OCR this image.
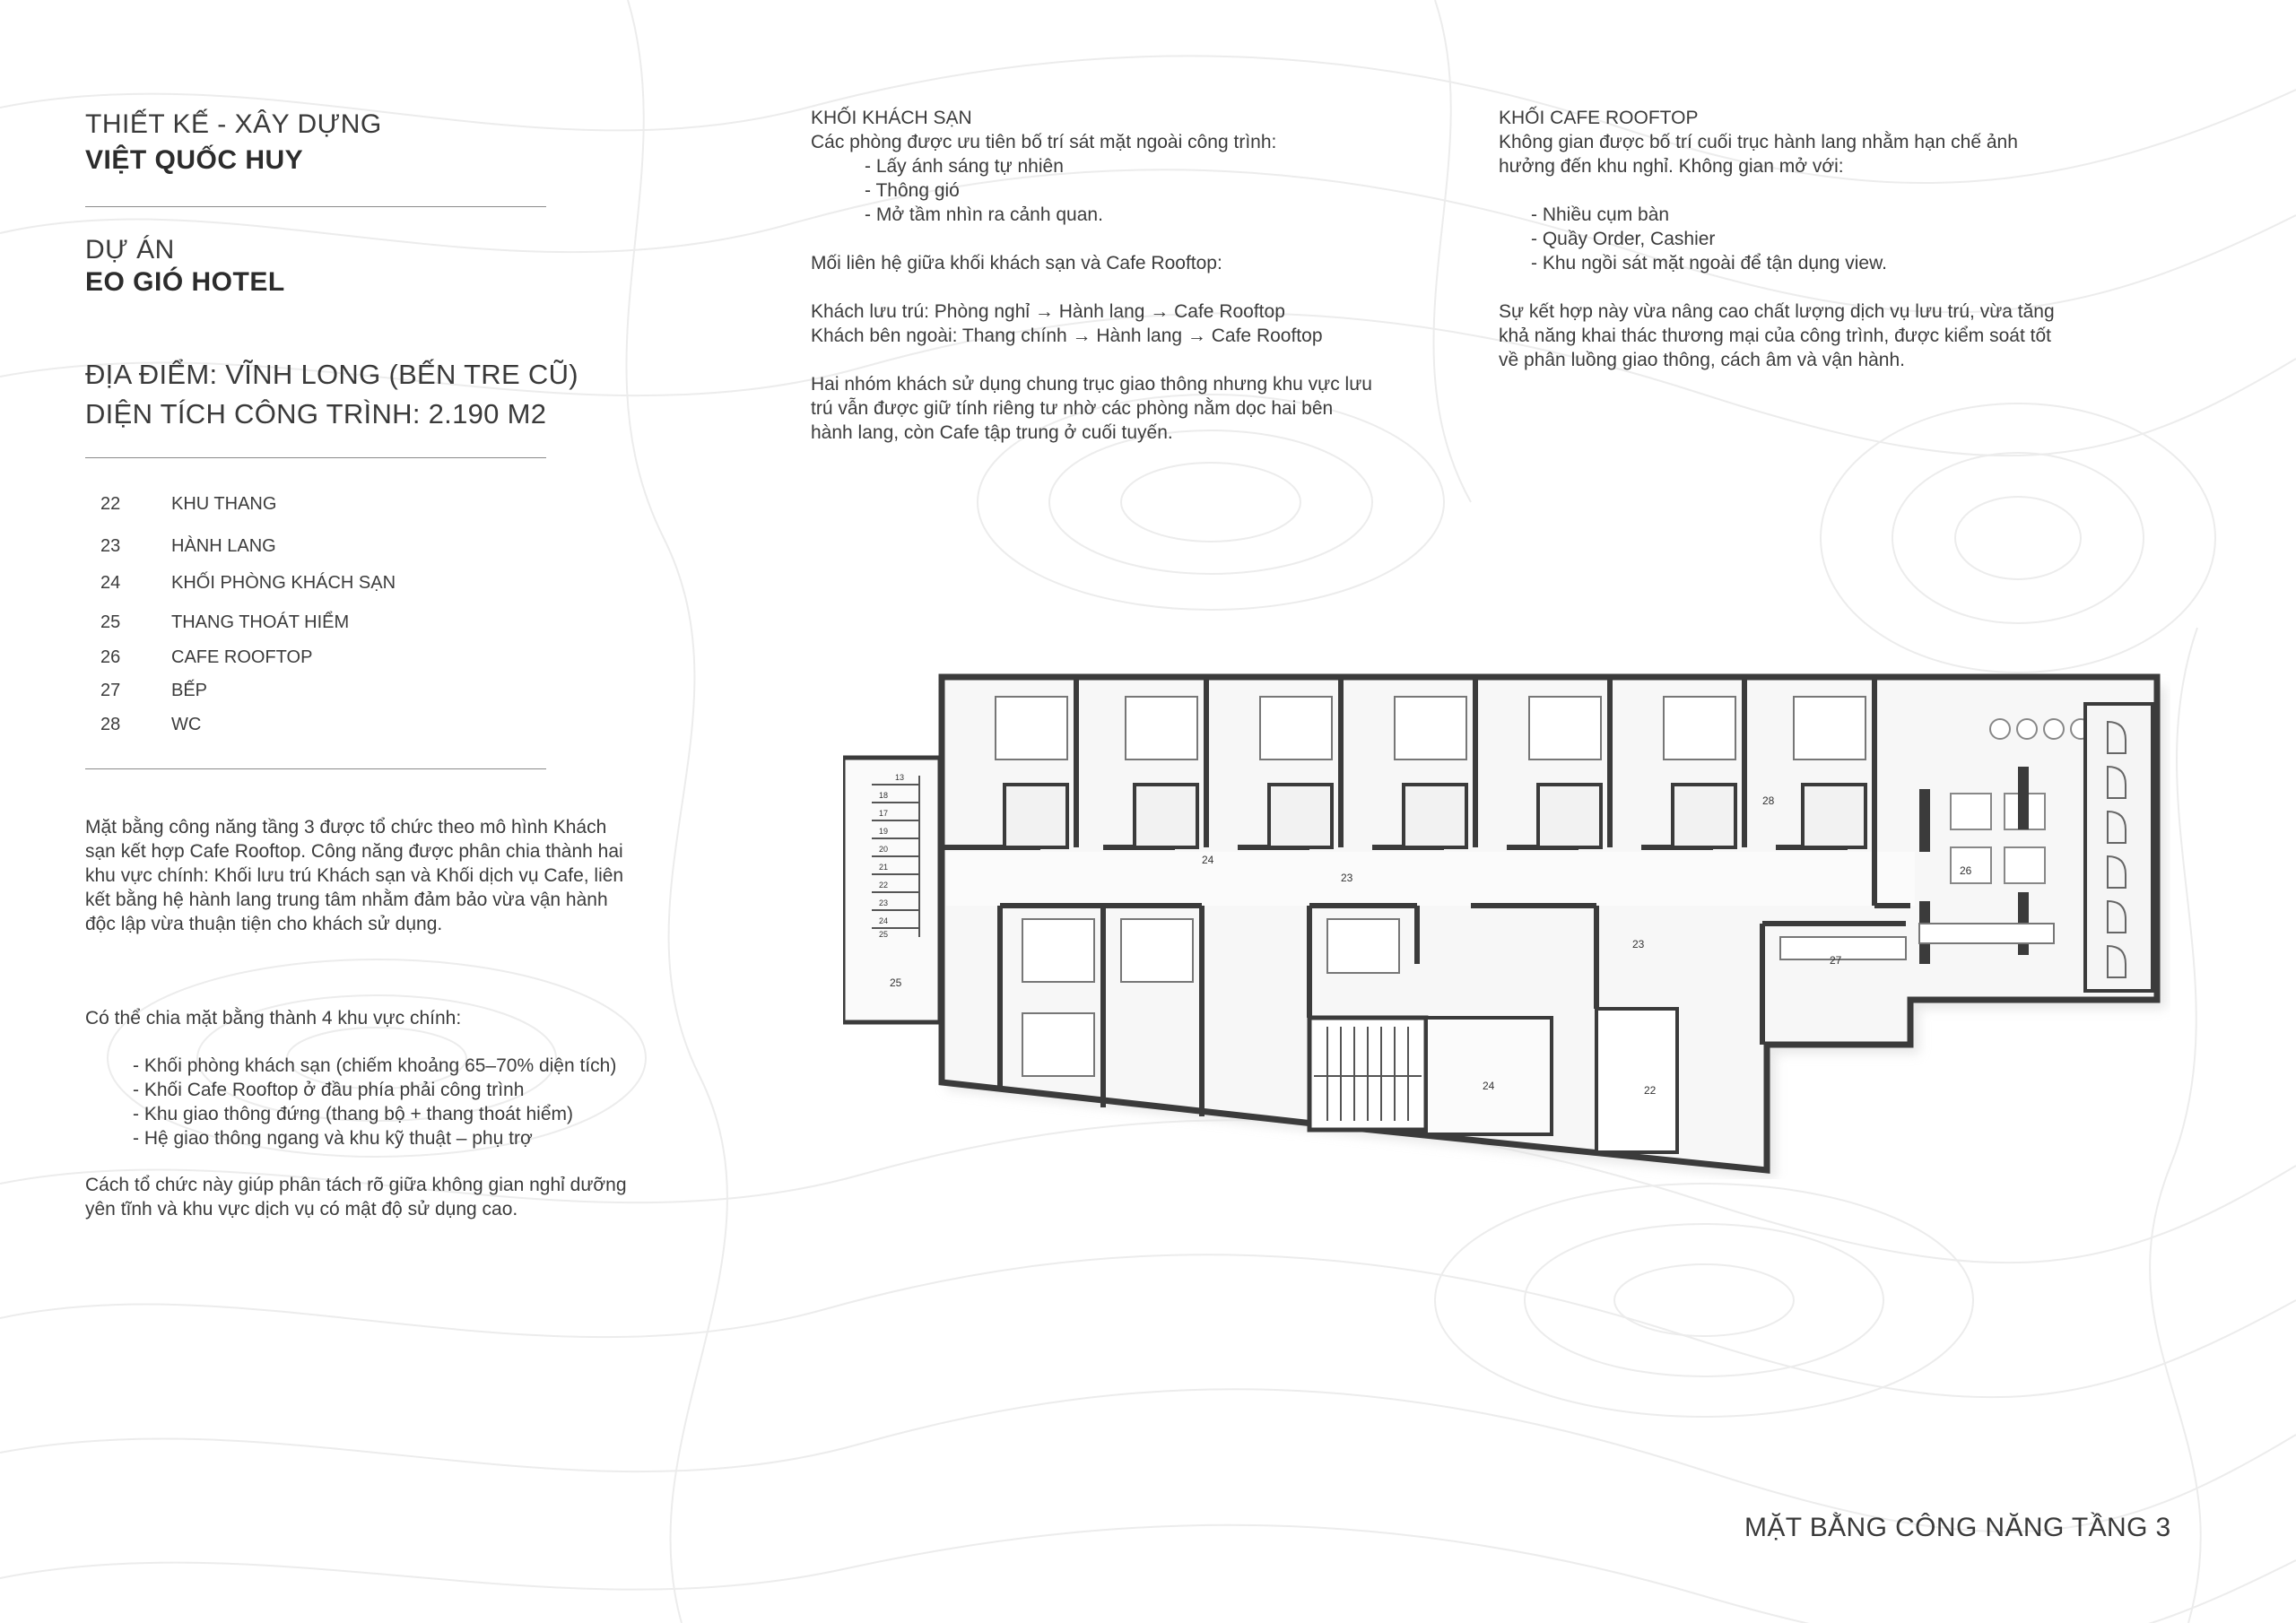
THIẾT KẾ - XÂY DỰNG
VIỆT QUỐC HUY
DỰ ÁN
EO GIÓ HOTEL
ĐỊA ĐIỂM: VĨNH LONG (BẾN TRE CŨ)
DIỆN TÍCH CÔNG TRÌNH: 2.190 M2
22	KHU THANG
23	HÀNH LANG
24	KHỐI PHÒNG KHÁCH SẠN
25	THANG THOÁT HIỂM
26	CAFE ROOFTOP
27	BẾP
28	WC

Mặt bằng công năng tầng 3 được tổ chức theo mô hình Khách

sạn kết hợp Cafe Rooftop. Công năng được phân chia thành hai

khu vực chính: Khối lưu trú Khách sạn và Khối dịch vụ Cafe, liên

kết bằng hệ hành lang trung tâm nhằm đảm bảo vừa vận hành

độc lập vừa thuận tiện cho khách sử dụng.

Có thể chia mặt bằng thành 4 khu vực chính:

- Khối phòng khách sạn (chiếm khoảng 65–70% diện tích)

- Khối Cafe Rooftop ở đầu phía phải công trình

- Khu giao thông đứng (thang bộ + thang thoát hiểm)

- Hệ giao thông ngang và khu kỹ thuật – phụ trợ

Cách tổ chức này giúp phân tách rõ giữa không gian nghỉ dưỡng

yên tĩnh và khu vực dịch vụ có mật độ sử dụng cao.

KHỐI KHÁCH SẠN

Các phòng được ưu tiên bố trí sát mặt ngoài công trình:

- Lấy ánh sáng tự nhiên

- Thông gió

- Mở tầm nhìn ra cảnh quan.

Mối liên hệ giữa khối khách sạn và Cafe Rooftop:

Khách lưu trú: Phòng nghỉ → Hành lang → Cafe Rooftop

Khách bên ngoài: Thang chính → Hành lang → Cafe Rooftop

Hai nhóm khách sử dụng chung trục giao thông nhưng khu vực lưu

trú vẫn được giữ tính riêng tư nhờ các phòng nằm dọc hai bên

hành lang, còn Cafe tập trung ở cuối tuyến.

KHỐI CAFE ROOFTOP

Không gian được bố trí cuối trục hành lang nhằm hạn chế ảnh

hưởng đến khu nghỉ. Không gian mở với:

- Nhiều cụm bàn

- Quầy Order, Cashier

- Khu ngồi sát mặt ngoài để tận dụng view.

Sự kết hợp này vừa nâng cao chất lượng dịch vụ lưu trú, vừa tăng

khả năng khai thác thương mại của công trình, được kiểm soát tốt

về phân luồng giao thông, cách âm và vận hành.

13
18
17
19
20
21
22
23
24
25
24
23
23
26
27
28
25
22
24
MẶT BẰNG CÔNG NĂNG TẦNG 3
